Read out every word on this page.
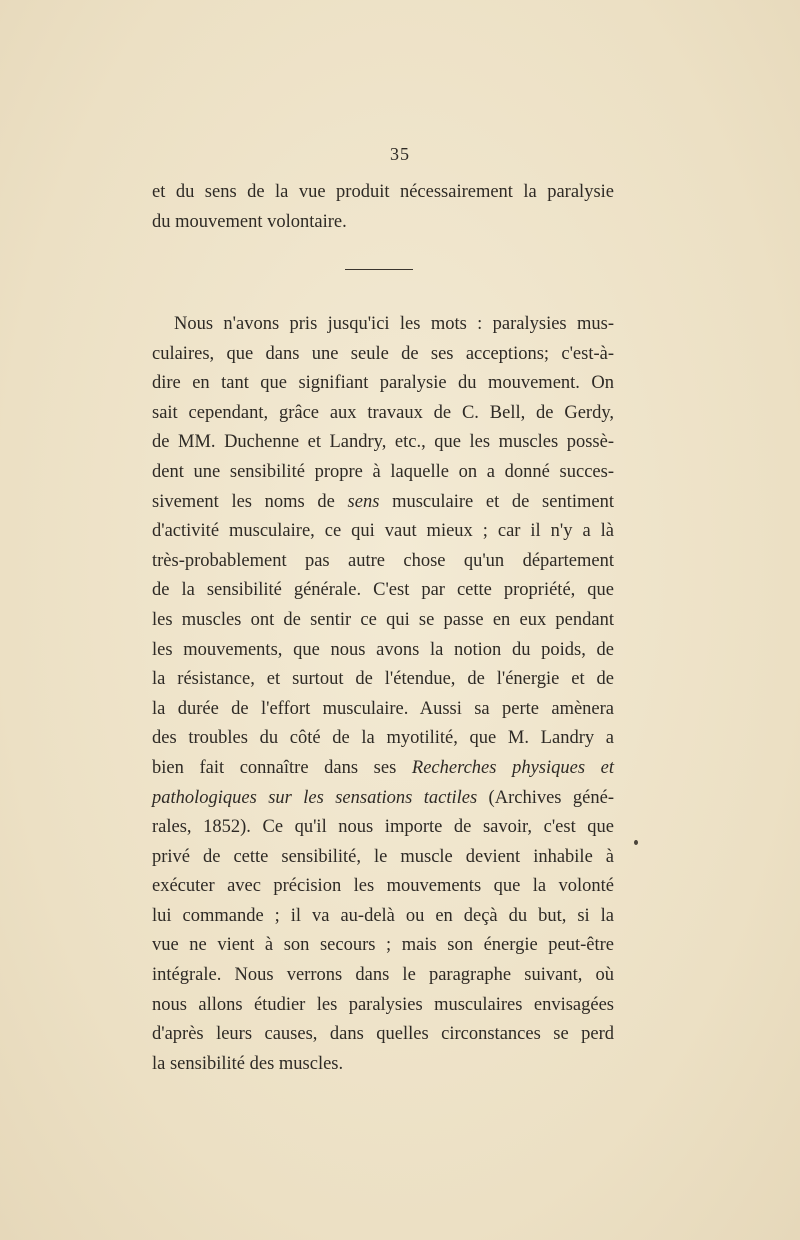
35
et du sens de la vue produit nécessairement la paralysie
du mouvement volontaire.
Nous n'avons pris jusqu'ici les mots : paralysies mus-
culaires, que dans une seule de ses acceptions; c'est-à-
dire en tant que signifiant paralysie du mouvement. On
sait cependant, grâce aux travaux de C. Bell, de Gerdy,
de MM. Duchenne et Landry, etc., que les muscles possè-
dent une sensibilité propre à laquelle on a donné succes-
sivement les noms de sens musculaire et de sentiment
d'activité musculaire, ce qui vaut mieux ; car il n'y a là
très-probablement pas autre chose qu'un département
de la sensibilité générale. C'est par cette propriété, que
les muscles ont de sentir ce qui se passe en eux pendant
les mouvements, que nous avons la notion du poids, de
la résistance, et surtout de l'étendue, de l'énergie et de
la durée de l'effort musculaire. Aussi sa perte amènera
des troubles du côté de la myotilité, que M. Landry a
bien fait connaître dans ses Recherches physiques et
pathologiques sur les sensations tactiles (Archives géné-
rales, 1852). Ce qu'il nous importe de savoir, c'est que
privé de cette sensibilité, le muscle devient inhabile à
exécuter avec précision les mouvements que la volonté
lui commande ; il va au-delà ou en deçà du but, si la
vue ne vient à son secours ; mais son énergie peut-être
intégrale. Nous verrons dans le paragraphe suivant, où
nous allons étudier les paralysies musculaires envisagées
d'après leurs causes, dans quelles circonstances se perd
la sensibilité des muscles.
